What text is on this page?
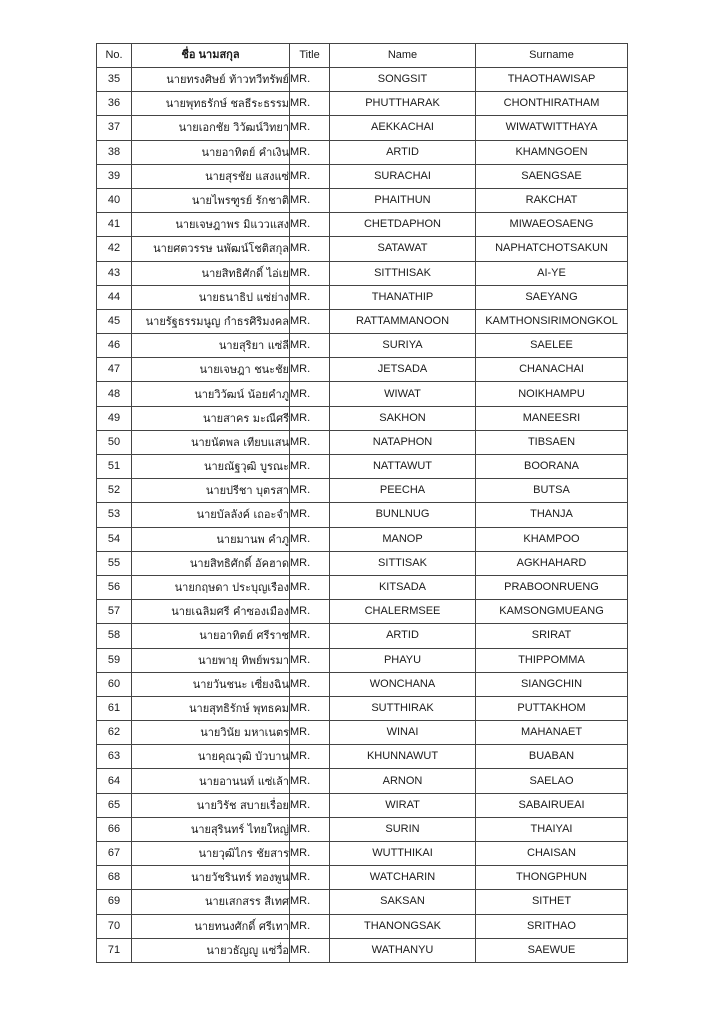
No.	ชื่อ นามสกุล	Title	Name	Surname
35	นายทรงศิษย์ ท้าวทวีทรัพย์	MR.	SONGSIT	THAOTHAWISAP
36	นายพุทธรักษ์ ชลธีระธรรม	MR.	PHUTTHARAK	CHONTHIRATHAM
37	นายเอกชัย วิวัฒน์วิทยา	MR.	AEKKACHAI	WIWATWITTHAYA
38	นายอาทิตย์ คำเงิน	MR.	ARTID	KHAMNGOEN
39	นายสุรชัย แสงแซ่	MR.	SURACHAI	SAENGSAE
40	นายไพรฑูรย์ รักชาติ	MR.	PHAITHUN	RAKCHAT
41	นายเจษฎาพร มิแววแสง	MR.	CHETDAPHON	MIWAEOSAENG
42	นายศตวรรษ นพัฒน์โชติสกุล	MR.	SATAWAT	NAPHATCHOTSAKUN
43	นายสิทธิศักดิ์ ไอ่เย	MR.	SITTHISAK	AI-YE
44	นายธนาธิป แซ่ย่าง	MR.	THANATHIP	SAEYANG
45	นายรัฐธรรมนูญ กำธรศิริมงคล	MR.	RATTAMMANOON	KAMTHONSIRIMONGKOL
46	นายสุริยา แซ่ลี	MR.	SURIYA	SAELEE
47	นายเจษฎา ชนะชัย	MR.	JETSADA	CHANACHAI
48	นายวิวัฒน์ น้อยคำภู	MR.	WIWAT	NOIKHAMPU
49	นายสาคร มะณีศรี	MR.	SAKHON	MANEESRI
50	นายนัตพล เทียบแสน	MR.	NATAPHON	TIBSAEN
51	นายณัฐวุฒิ บูรณะ	MR.	NATTAWUT	BOORANA
52	นายปรีชา บุตรสา	MR.	PEECHA	BUTSA
53	นายบัลลังค์ เถอะจำ	MR.	BUNLNUG	THANJA
54	นายมานพ คำภู	MR.	MANOP	KHAMPOO
55	นายสิทธิศักดิ์ อัคฮาด	MR.	SITTISAK	AGKHAHARD
56	นายกฤษดา ประบุญเรือง	MR.	KITSADA	PRABOONRUENG
57	นายเฉลิมศรี คำซองเมือง	MR.	CHALERMSEE	KAMSONGMUEANG
58	นายอาทิตย์ ศรีราช	MR.	ARTID	SRIRAT
59	นายพายุ ทิพย์พรมา	MR.	PHAYU	THIPPOMMA
60	นายวันชนะ เซี่ยงฉิน	MR.	WONCHANA	SIANGCHIN
61	นายสุทธิรักษ์ พุทธคม	MR.	SUTTHIRAK	PUTTAKHOM
62	นายวินัย มหาเนตร	MR.	WINAI	MAHANAET
63	นายคุณวุฒิ บัวบาน	MR.	KHUNNAWUT	BUABAN
64	นายอานนท์ แซ่เล้า	MR.	ARNON	SAELAO
65	นายวิรัช สบายเรื่อย	MR.	WIRAT	SABAIRUEAI
66	นายสุรินทร์ ไทยใหญ่	MR.	SURIN	THAIYAI
67	นายวุฒิไกร ชัยสาร	MR.	WUTTHIKAI	CHAISAN
68	นายวัชรินทร์ ทองพูน	MR.	WATCHARIN	THONGPHUN
69	นายเสกสรร สีเทศ	MR.	SAKSAN	SITHET
70	นายทนงศักดิ์ ศรีเทา	MR.	THANONGSAK	SRITHAO
71	นายวธัญญู แซ่วื่อ	MR.	WATHANYU	SAEWUE
